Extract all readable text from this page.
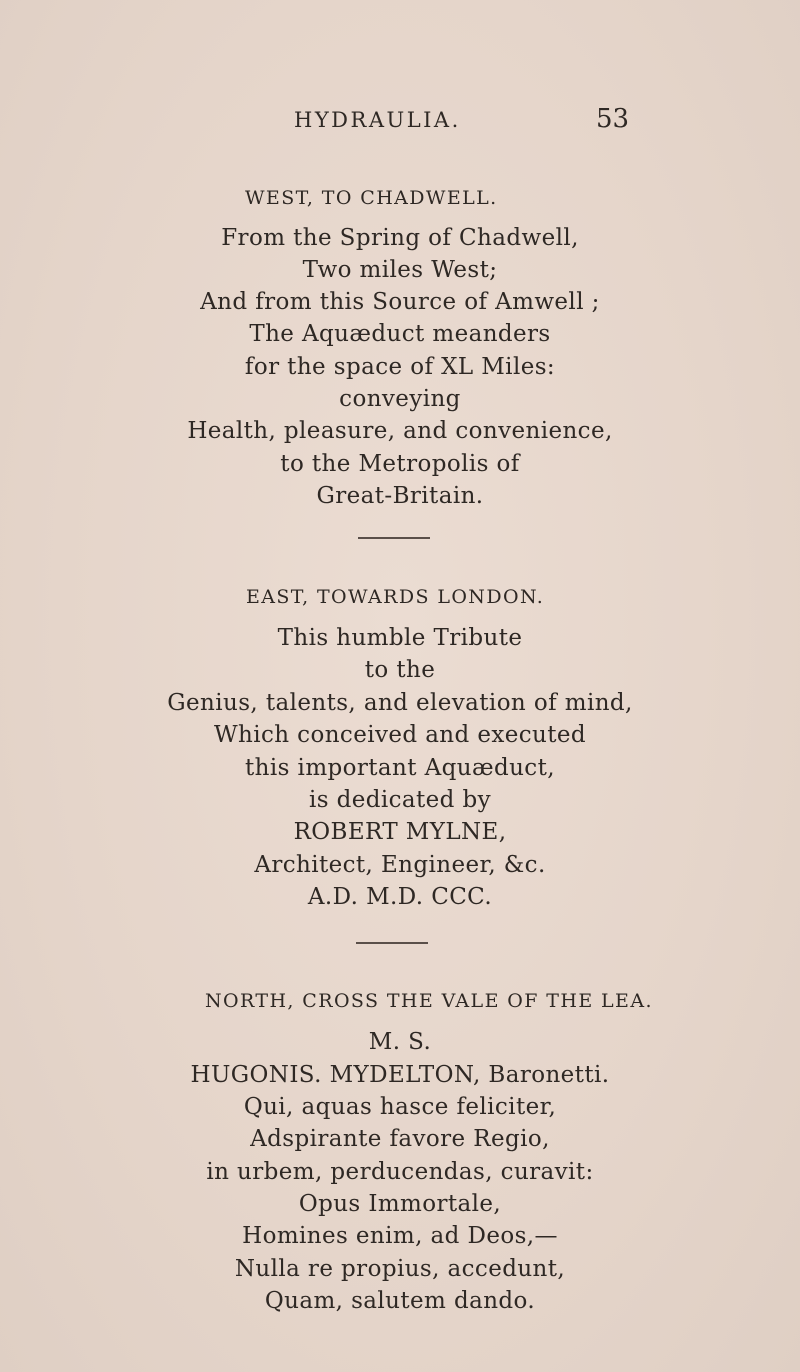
HYDRAULIA.	53
WEST, TO CHADWELL.
From the Spring of Chadwell,
Two miles West;
And from this Source of Amwell ;
The Aquæduct meanders
for the space of XL Miles:
conveying
Health, pleasure, and convenience,
to the Metropolis of
Great-Britain.
EAST, TOWARDS LONDON.
This humble Tribute
to the
Genius, talents, and elevation of mind,
Which conceived and executed
this important Aquæduct,
is dedicated by
ROBERT MYLNE,
Architect, Engineer, &c.
A.D. M.D. CCC.
NORTH, CROSS THE VALE OF THE LEA.
M. S.
HUGONIS. MYDELTON, Baronetti.
Qui, aquas hasce feliciter,
Adspirante favore Regio,
in urbem, perducendas, curavit:
Opus Immortale,
Homines enim, ad Deos,—
Nulla re propius, accedunt,
Quam, salutem dando.
